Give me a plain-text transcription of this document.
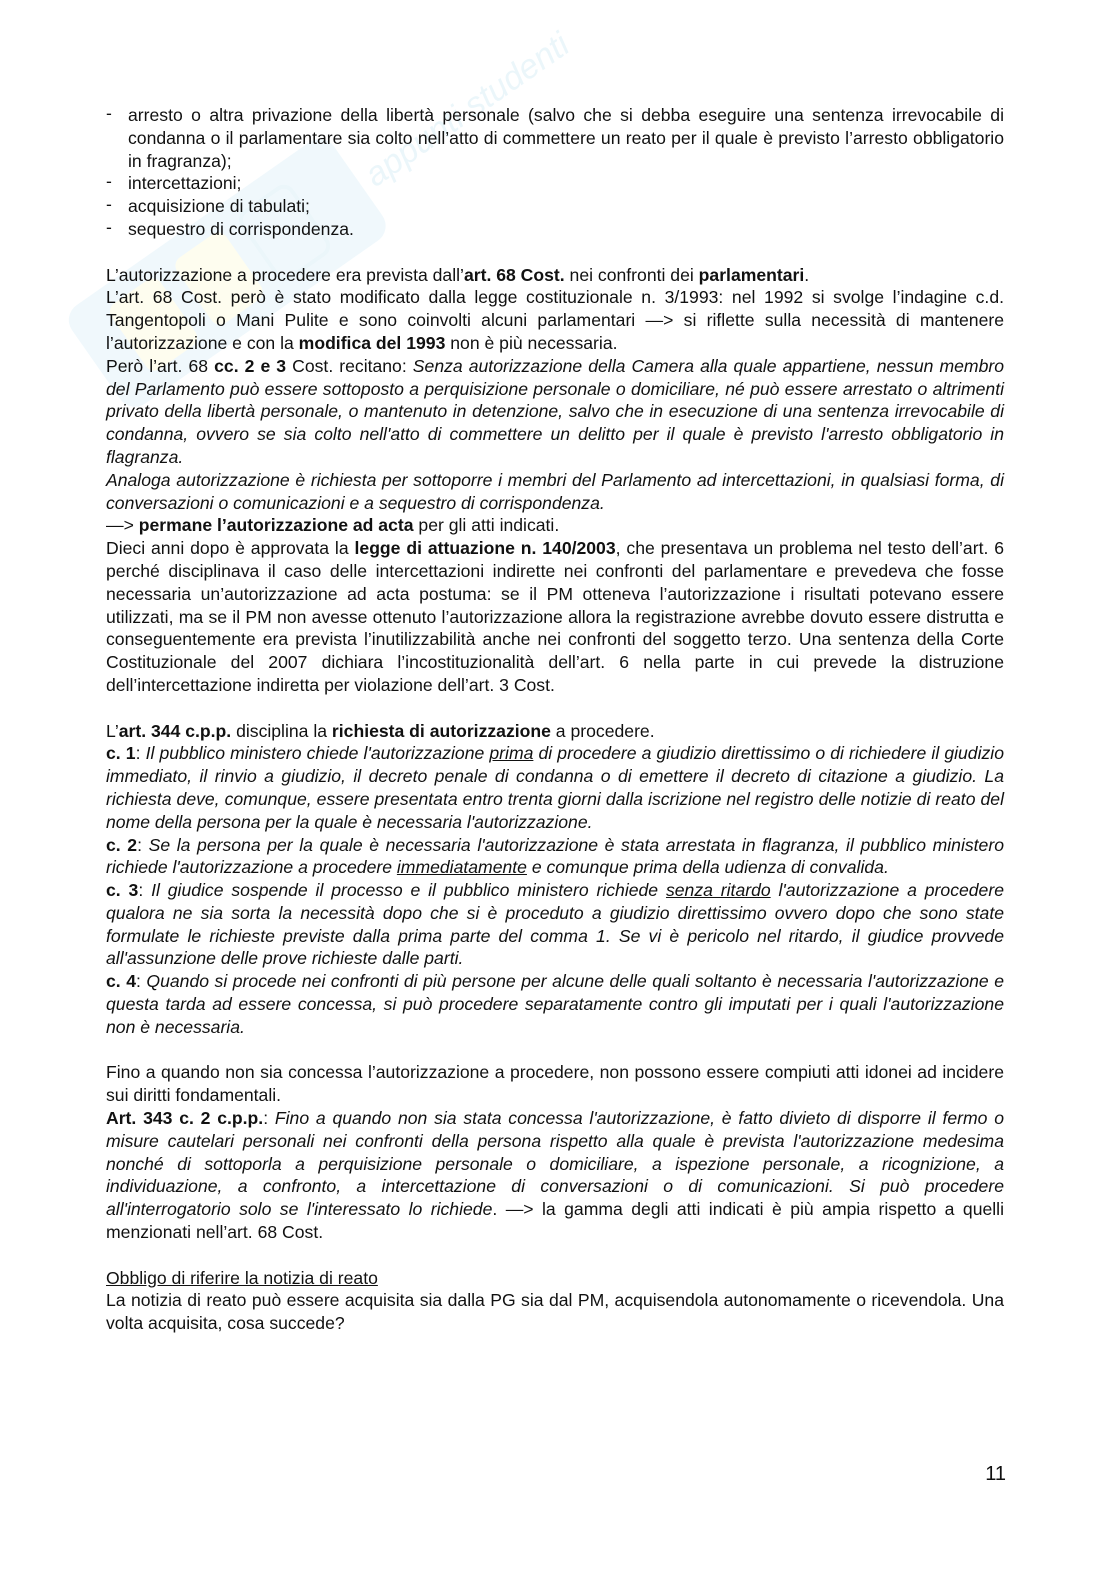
appunti studenti
- arresto o altra privazione della libertà personale (salvo che si debba eseguire una sentenza irrevocabile di condanna o il parlamentare sia colto nell’atto di commettere un reato per il quale è previsto l’arresto obbligatorio in fragranza);
- intercettazioni;
- acquisizione di tabulati;
- sequestro di corrispondenza.

L’autorizzazione a procedere era prevista dall’art. 68 Cost. nei confronti dei parlamentari.

L’art. 68 Cost. però è stato modificato dalla legge costituzionale n. 3/1993: nel 1992 si svolge l’indagine c.d. Tangentopoli o Mani Pulite e sono coinvolti alcuni parlamentari —> si riflette sulla necessità di mantenere l’autorizzazione e con la modifica del 1993 non è più necessaria.

Però l’art. 68 cc. 2 e 3 Cost. recitano: Senza autorizzazione della Camera alla quale appartiene, nessun membro del Parlamento può essere sottoposto a perquisizione personale o domiciliare, né può essere arrestato o altrimenti privato della libertà personale, o mantenuto in detenzione, salvo che in esecuzione di una sentenza irrevocabile di condanna, ovvero se sia colto nell'atto di commettere un delitto per il quale è previsto l'arresto obbligatorio in flagranza.

Analoga autorizzazione è richiesta per sottoporre i membri del Parlamento ad intercettazioni, in qualsiasi forma, di conversazioni o comunicazioni e a sequestro di corrispondenza.

—> permane l’autorizzazione ad acta per gli atti indicati.

Dieci anni dopo è approvata la legge di attuazione n. 140/2003, che presentava un problema nel testo dell’art. 6 perché disciplinava il caso delle intercettazioni indirette nei confronti del parlamentare e prevedeva che fosse necessaria un’autorizzazione ad acta postuma: se il PM otteneva l’autorizzazione i risultati potevano essere utilizzati, ma se il PM non avesse ottenuto l’autorizzazione allora la registrazione avrebbe dovuto essere distrutta e conseguentemente era prevista l’inutilizzabilità anche nei confronti del soggetto terzo. Una sentenza della Corte Costituzionale del 2007 dichiara l’incostituzionalità dell’art. 6 nella parte in cui prevede la distruzione dell’intercettazione indiretta per violazione dell’art. 3 Cost.

L’art. 344 c.p.p. disciplina la richiesta di autorizzazione a procedere.

c. 1: Il pubblico ministero chiede l'autorizzazione prima di procedere a giudizio direttissimo o di richiedere il giudizio immediato, il rinvio a giudizio, il decreto penale di condanna o di emettere il decreto di citazione a giudizio. La richiesta deve, comunque, essere presentata entro trenta giorni dalla iscrizione nel registro delle notizie di reato del nome della persona per la quale è necessaria l'autorizzazione.

c. 2: Se la persona per la quale è necessaria l'autorizzazione è stata arrestata in flagranza, il pubblico ministero richiede l'autorizzazione a procedere immediatamente e comunque prima della udienza di convalida.

c. 3: Il giudice sospende il processo e il pubblico ministero richiede senza ritardo l'autorizzazione a procedere qualora ne sia sorta la necessità dopo che si è proceduto a giudizio direttissimo ovvero dopo che sono state formulate le richieste previste dalla prima parte del comma 1. Se vi è pericolo nel ritardo, il giudice provvede all'assunzione delle prove richieste dalle parti.

c. 4: Quando si procede nei confronti di più persone per alcune delle quali soltanto è necessaria l'autorizzazione e questa tarda ad essere concessa, si può procedere separatamente contro gli imputati per i quali l'autorizzazione non è necessaria.

Fino a quando non sia concessa l’autorizzazione a procedere, non possono essere compiuti atti idonei ad incidere sui diritti fondamentali.

Art. 343 c. 2 c.p.p.: Fino a quando non sia stata concessa l'autorizzazione, è fatto divieto di disporre il fermo o misure cautelari personali nei confronti della persona rispetto alla quale è prevista l'autorizzazione medesima nonché di sottoporla a perquisizione personale o domiciliare, a ispezione personale, a ricognizione, a individuazione, a confronto, a intercettazione di conversazioni o di comunicazioni. Si può procedere all'interrogatorio solo se l'interessato lo richiede. —> la gamma degli atti indicati è più ampia rispetto a quelli menzionati nell’art. 68 Cost.

Obbligo di riferire la notizia di reato

La notizia di reato può essere acquisita sia dalla PG sia dal PM, acquisendola autonomamente o ricevendola. Una volta acquisita, cosa succede?

11
